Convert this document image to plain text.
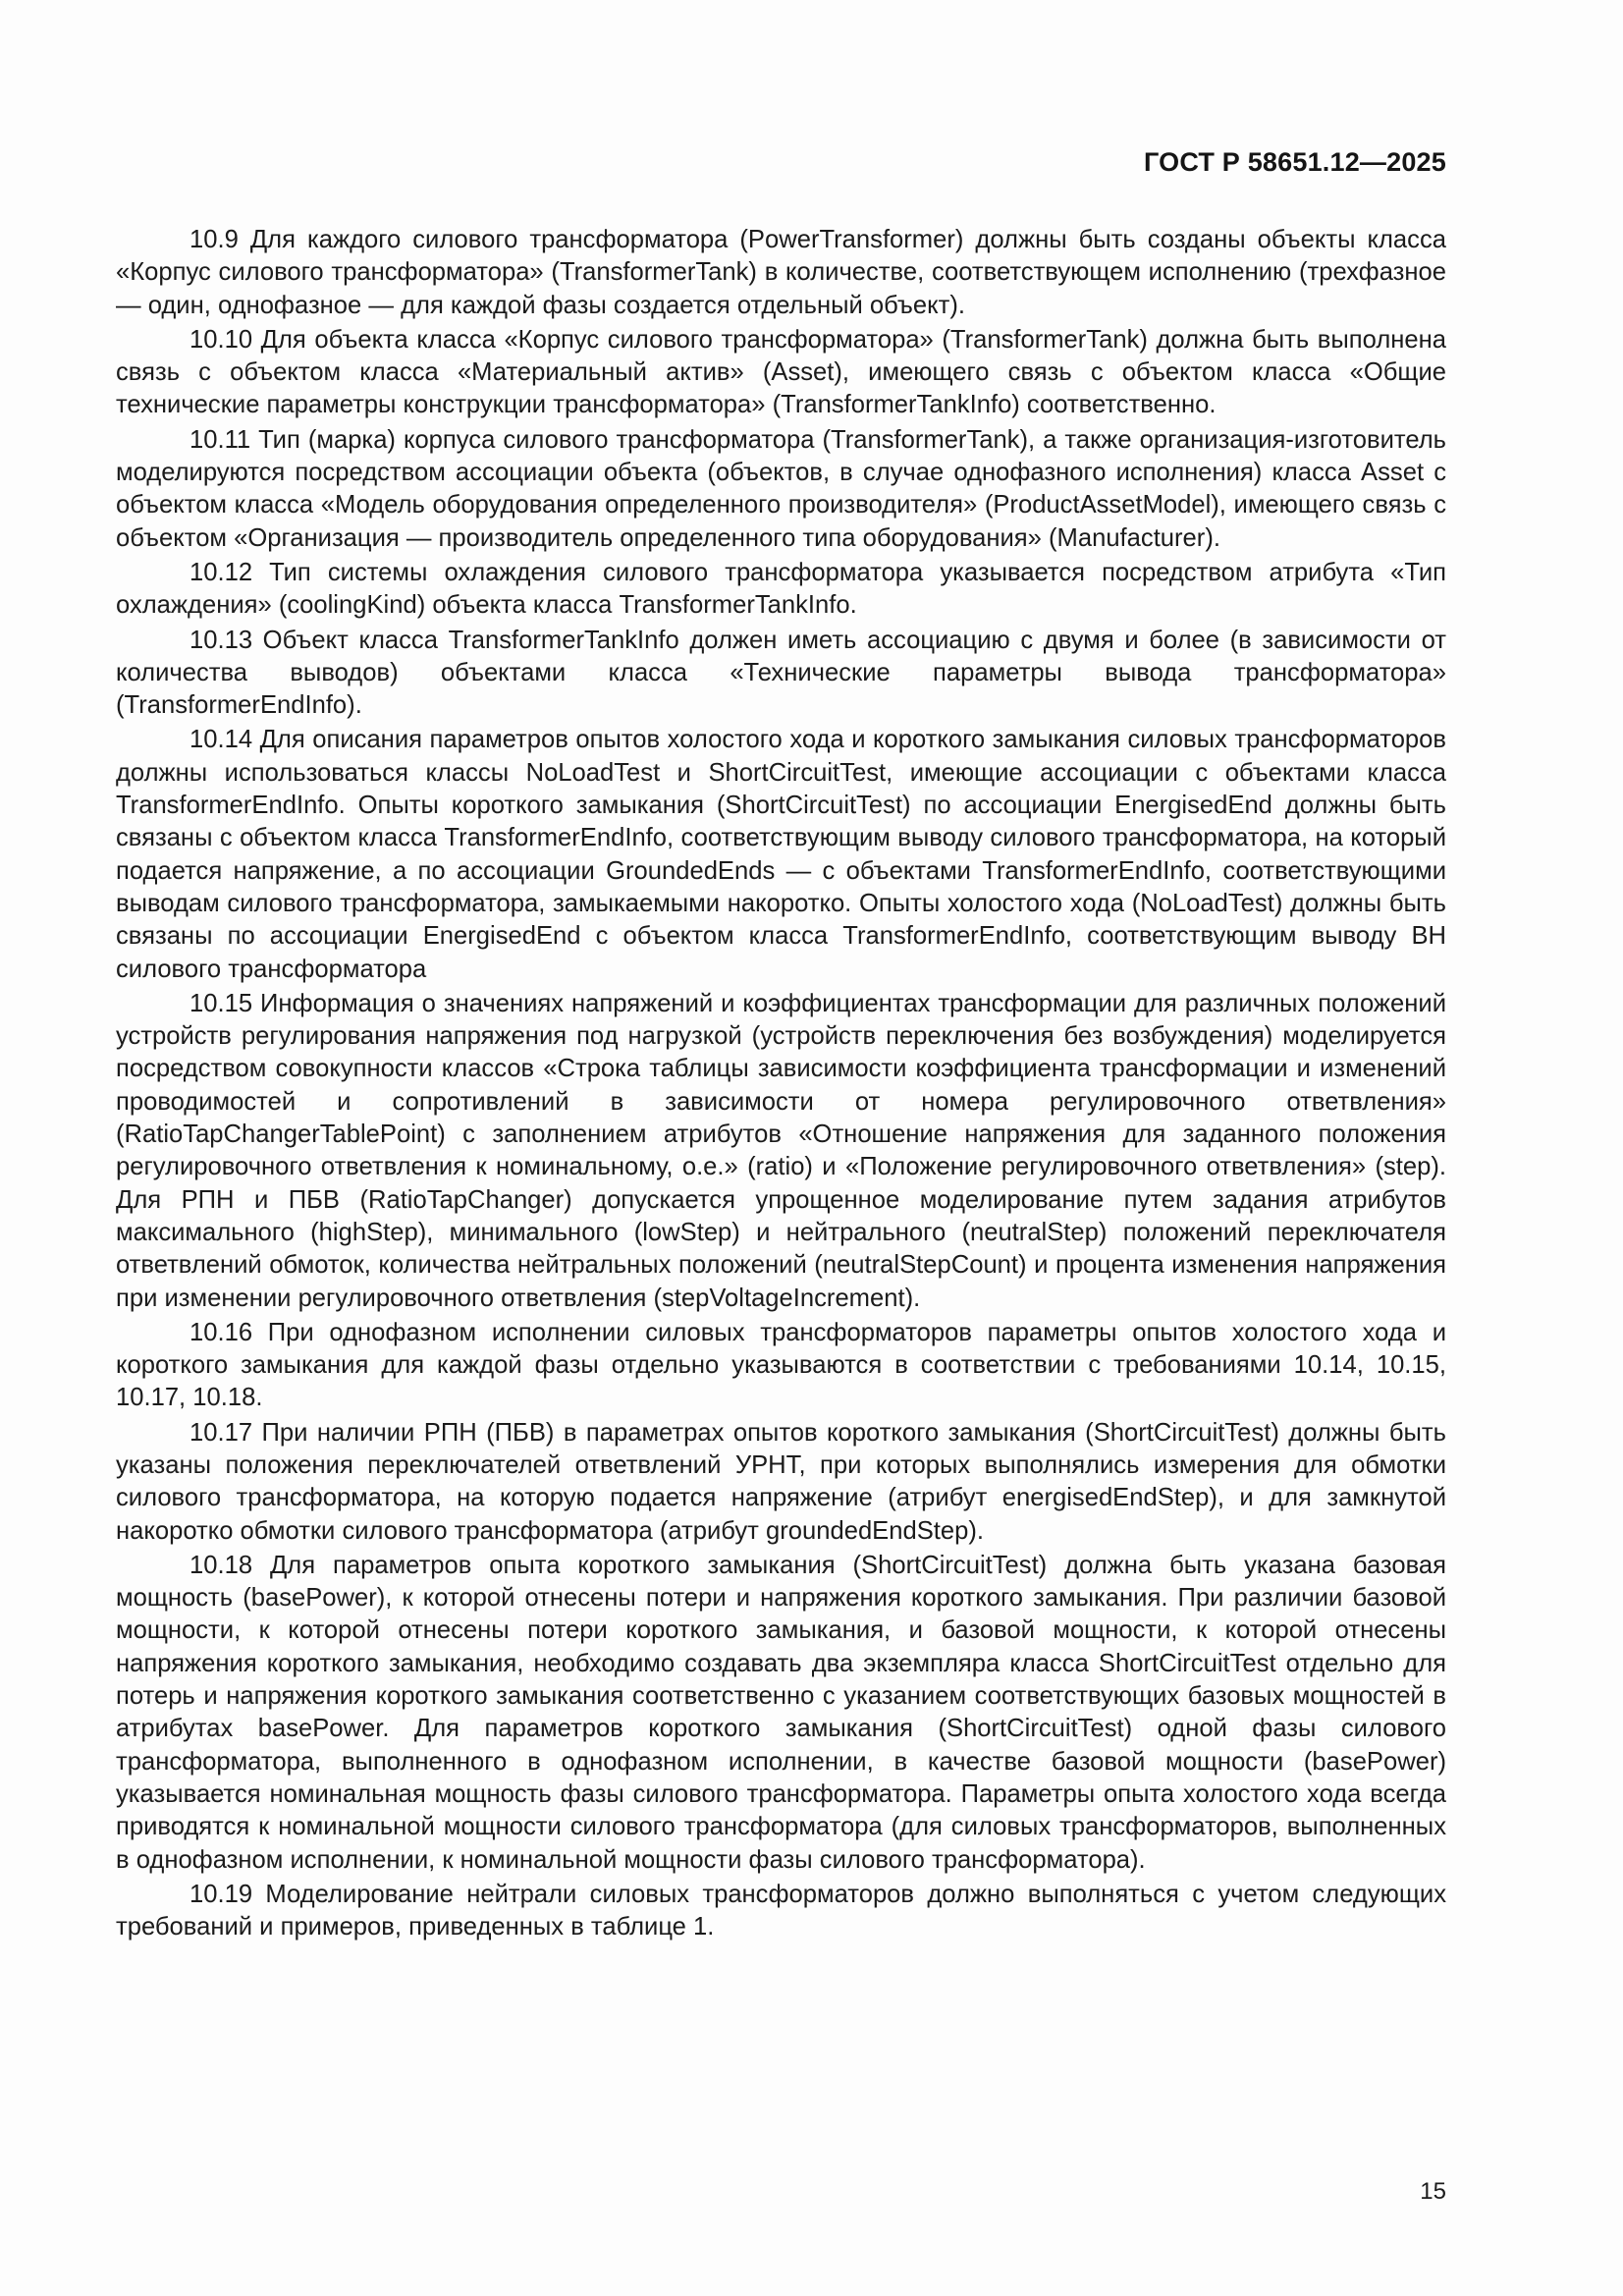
ГОСТ Р 58651.12—2025

10.9 Для каждого силового трансформатора (PowerTransformer) должны быть созданы объекты класса «Корпус силового трансформатора» (TransformerTank) в количестве, соответствующем исполнению (трехфазное — один, однофазное — для каждой фазы создается отдельный объект).

10.10 Для объекта класса «Корпус силового трансформатора» (TransformerTank) должна быть выполнена связь с объектом класса «Материальный актив» (Asset), имеющего связь с объектом класса «Общие технические параметры конструкции трансформатора» (TransformerTankInfo) соответственно.

10.11 Тип (марка) корпуса силового трансформатора (TransformerTank), а также организация-изготовитель моделируются посредством ассоциации объекта (объектов, в случае однофазного исполнения) класса Asset с объектом класса «Модель оборудования определенного производителя» (ProductAssetModel), имеющего связь с объектом «Организация — производитель определенного типа оборудования» (Manufacturer).

10.12 Тип системы охлаждения силового трансформатора указывается посредством атрибута «Тип охлаждения» (coolingKind) объекта класса TransformerTankInfo.

10.13 Объект класса TransformerTankInfo должен иметь ассоциацию с двумя и более (в зависимости от количества выводов) объектами класса «Технические параметры вывода трансформатора» (TransformerEndInfo).

10.14 Для описания параметров опытов холостого хода и короткого замыкания силовых трансформаторов должны использоваться классы NoLoadTest и ShortCircuitTest, имеющие ассоциации с объектами класса TransformerEndInfo. Опыты короткого замыкания (ShortCircuitTest) по ассоциации EnergisedEnd должны быть связаны с объектом класса TransformerEndInfo, соответствующим выводу силового трансформатора, на который подается напряжение, а по ассоциации GroundedEnds — с объектами TransformerEndInfo, соответствующими выводам силового трансформатора, замыкаемыми накоротко. Опыты холостого хода (NoLoadTest) должны быть связаны по ассоциации EnergisedEnd с объектом класса TransformerEndInfo, соответствующим выводу ВН силового трансформатора

10.15 Информация о значениях напряжений и коэффициентах трансформации для различных положений устройств регулирования напряжения под нагрузкой (устройств переключения без возбуждения) моделируется посредством совокупности классов «Строка таблицы зависимости коэффициента трансформации и изменений проводимостей и сопротивлений в зависимости от номера регулировочного ответвления» (RatioTapChangerTablePoint) с заполнением атрибутов «Отношение напряжения для заданного положения регулировочного ответвления к номинальному, о.е.» (ratio) и «Положение регулировочного ответвления» (step). Для РПН и ПБВ (RatioTapChanger) допускается упрощенное моделирование путем задания атрибутов максимального (highStep), минимального (lowStep) и нейтрального (neutralStep) положений переключателя ответвлений обмоток, количества нейтральных положений (neutralStepCount) и процента изменения напряжения при изменении регулировочного ответвления (stepVoltageIncrement).

10.16 При однофазном исполнении силовых трансформаторов параметры опытов холостого хода и короткого замыкания для каждой фазы отдельно указываются в соответствии с требованиями 10.14, 10.15, 10.17, 10.18.

10.17 При наличии РПН (ПБВ) в параметрах опытов короткого замыкания (ShortCircuitTest) должны быть указаны положения переключателей ответвлений УРНТ, при которых выполнялись измерения для обмотки силового трансформатора, на которую подается напряжение (атрибут energisedEndStep), и для замкнутой накоротко обмотки силового трансформатора (атрибут groundedEndStep).

10.18 Для параметров опыта короткого замыкания (ShortCircuitTest) должна быть указана базовая мощность (basePower), к которой отнесены потери и напряжения короткого замыкания. При различии базовой мощности, к которой отнесены потери короткого замыкания, и базовой мощности, к которой отнесены напряжения короткого замыкания, необходимо создавать два экземпляра класса ShortCircuitTest отдельно для потерь и напряжения короткого замыкания соответственно с указанием соответствующих базовых мощностей в атрибутах basePower. Для параметров короткого замыкания (ShortCircuitTest) одной фазы силового трансформатора, выполненного в однофазном исполнении, в качестве базовой мощности (basePower) указывается номинальная мощность фазы силового трансформатора. Параметры опыта холостого хода всегда приводятся к номинальной мощности силового трансформатора (для силовых трансформаторов, выполненных в однофазном исполнении, к номинальной мощности фазы силового трансформатора).

10.19 Моделирование нейтрали силовых трансформаторов должно выполняться с учетом следующих требований и примеров, приведенных в таблице 1.

15
